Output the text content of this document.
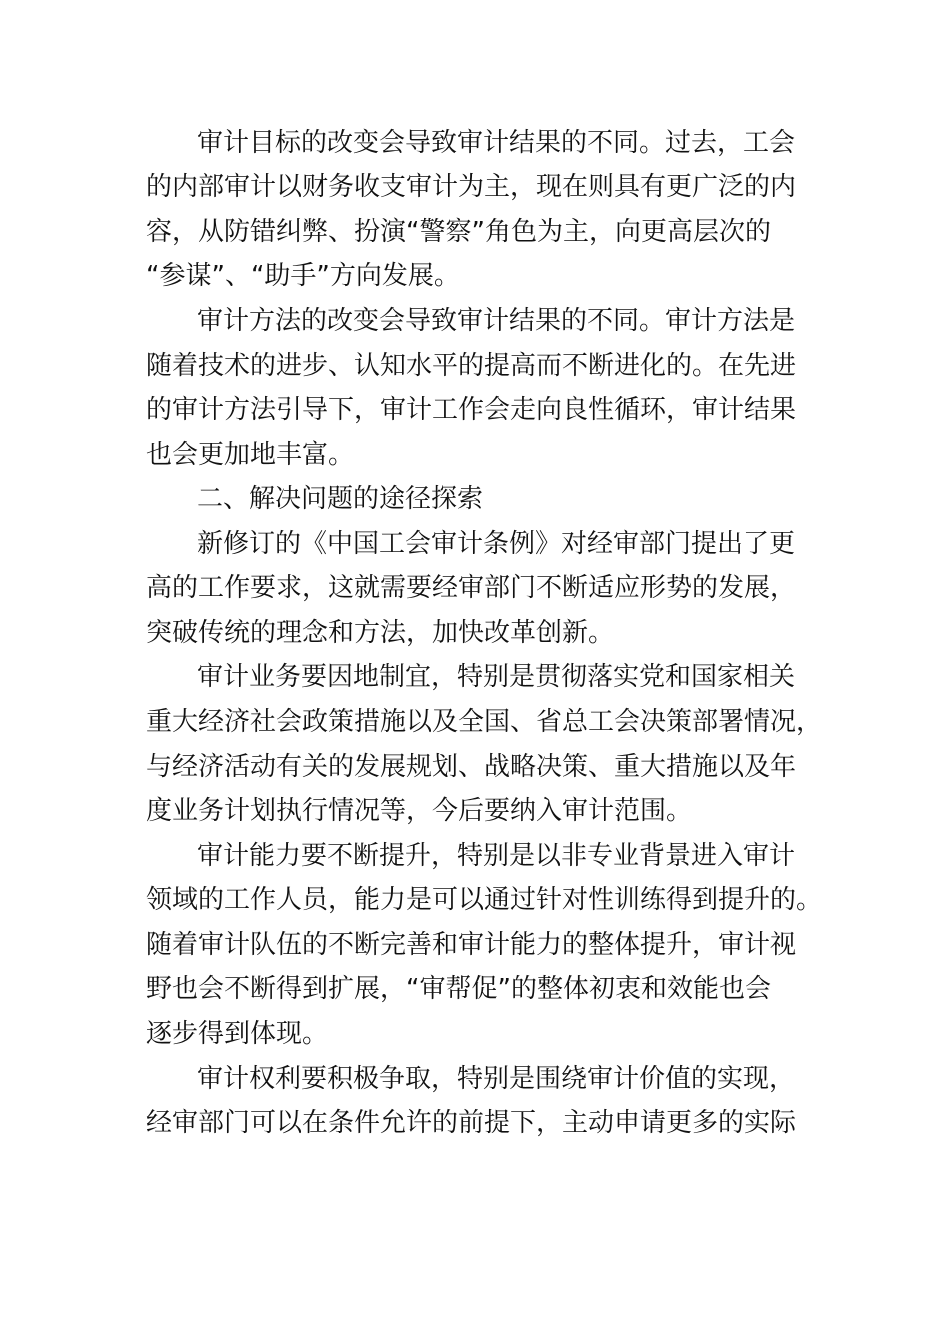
审计目标的改变会导致审计结果的不同。过去，工会

的内部审计以财务收支审计为主，现在则具有更广泛的内

容，从防错纠弊、扮演“警察”角色为主，向更高层次的

“参谋”、“助手”方向发展。

审计方法的改变会导致审计结果的不同。审计方法是

随着技术的进步、认知水平的提高而不断进化的。在先进

的审计方法引导下，审计工作会走向良性循环，审计结果

也会更加地丰富。

二、解决问题的途径探索

新修订的《中国工会审计条例》对经审部门提出了更

高的工作要求，这就需要经审部门不断适应形势的发展，

突破传统的理念和方法，加快改革创新。

审计业务要因地制宜，特别是贯彻落实党和国家相关

重大经济社会政策措施以及全国、省总工会决策部署情况，

与经济活动有关的发展规划、战略决策、重大措施以及年

度业务计划执行情况等，今后要纳入审计范围。

审计能力要不断提升，特别是以非专业背景进入审计

领域的工作人员，能力是可以通过针对性训练得到提升的。

随着审计队伍的不断完善和审计能力的整体提升，审计视

野也会不断得到扩展，“审帮促”的整体初衷和效能也会

逐步得到体现。

审计权利要积极争取，特别是围绕审计价值的实现，

经审部门可以在条件允许的前提下，主动申请更多的实际
